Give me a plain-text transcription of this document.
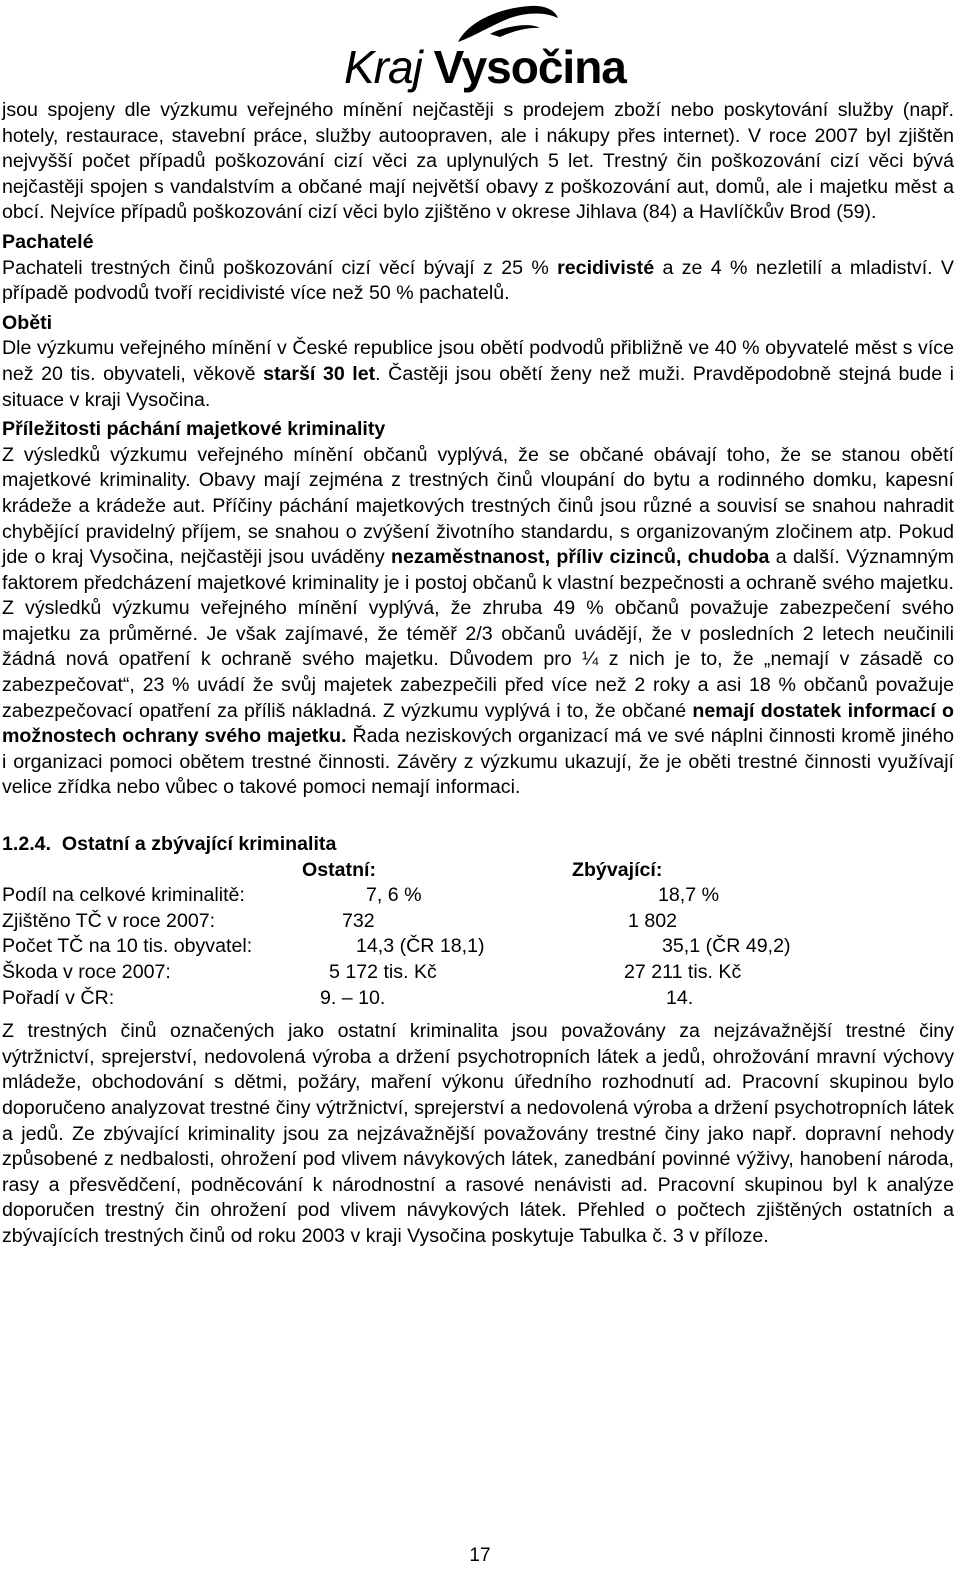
Kraj Vysočina

jsou spojeny dle výzkumu veřejného mínění nejčastěji s prodejem zboží nebo poskytování služby (např. hotely, restaurace, stavební práce, služby autoopraven, ale i nákupy přes internet). V roce 2007 byl zjištěn nejvyšší počet případů poškozování cizí věci za uplynulých 5 let. Trestný čin poškozování cizí věci bývá nejčastěji spojen s vandalstvím a občané mají největší obavy z poškozování aut, domů, ale i majetku měst a obcí. Nejvíce případů poškozování cizí věci bylo zjištěno v okrese Jihlava (84) a Havlíčkův Brod (59).

Pachatelé

Pachateli trestných činů poškozování cizí věcí bývají z 25 % recidivisté a ze 4 % nezletilí a mladiství. V případě podvodů tvoří recidivisté více než 50 % pachatelů.

Oběti

Dle výzkumu veřejného mínění v České republice jsou obětí podvodů přibližně ve 40 % obyvatelé měst s více než 20 tis. obyvateli, věkově starší 30 let. Častěji jsou obětí ženy než muži. Pravděpodobně stejná bude i situace v kraji Vysočina.

Příležitosti páchání majetkové kriminality

Z výsledků výzkumu veřejného mínění občanů vyplývá, že se občané obávají toho, že se stanou obětí majetkové kriminality. Obavy mají zejména z trestných činů vloupání do bytu a rodinného domku, kapesní krádeže a krádeže aut. Příčiny páchání majetkových trestných činů jsou různé a souvisí se snahou nahradit chybějící pravidelný příjem, se snahou o zvýšení životního standardu, s organizovaným zločinem atp. Pokud jde o kraj Vysočina, nejčastěji jsou uváděny nezaměstnanost, příliv cizinců, chudoba a další. Významným faktorem předcházení majetkové kriminality je i postoj občanů k vlastní bezpečnosti a ochraně svého majetku. Z výsledků výzkumu veřejného mínění vyplývá, že zhruba 49 % občanů považuje zabezpečení svého majetku za průměrné. Je však zajímavé, že téměř 2/3 občanů uvádějí, že v posledních 2 letech neučinili žádná nová opatření k ochraně svého majetku. Důvodem pro ¼ z nich je to, že „nemají v zásadě co zabezpečovat“, 23 % uvádí že svůj majetek zabezpečili před více než 2 roky a asi 18 % občanů považuje zabezpečovací opatření za příliš nákladná. Z výzkumu vyplývá i to, že občané nemají dostatek informací o možnostech ochrany svého majetku. Řada neziskových organizací má ve své náplni činnosti kromě jiného i organizaci pomoci obětem trestné činnosti. Závěry z výzkumu ukazují, že je oběti trestné činnosti využívají velice zřídka nebo vůbec o takové pomoci nemají informaci.

1.2.4. Ostatní a zbývající kriminalita
	Ostatní:	Zbývající:
Podíl na celkové kriminalitě:	7, 6 %	18,7 %
Zjištěno TČ v roce 2007:	732	1 802
Počet TČ na 10 tis. obyvatel:	14,3 (ČR 18,1)	35,1 (ČR 49,2)
Škoda v roce 2007:	5 172 tis. Kč	27 211 tis. Kč
Pořadí v ČR:	9. – 10.	14.

Z trestných činů označených jako ostatní kriminalita jsou považovány za nejzávažnější trestné činy výtržnictví, sprejerství, nedovolená výroba a držení psychotropních látek a jedů, ohrožování mravní výchovy mládeže, obchodování s dětmi, požáry, maření výkonu úředního rozhodnutí ad. Pracovní skupinou bylo doporučeno analyzovat trestné činy výtržnictví, sprejerství a nedovolená výroba a držení psychotropních látek a jedů. Ze zbývající kriminality jsou za nejzávažnější považovány trestné činy jako např. dopravní nehody způsobené z nedbalosti, ohrožení pod vlivem návykových látek, zanedbání povinné výživy, hanobení národa, rasy a přesvědčení, podněcování k národnostní a rasové nenávisti ad. Pracovní skupinou byl k analýze doporučen trestný čin ohrožení pod vlivem návykových látek. Přehled o počtech zjištěných ostatních a zbývajících trestných činů od roku 2003 v kraji Vysočina poskytuje Tabulka č. 3 v příloze.

17
